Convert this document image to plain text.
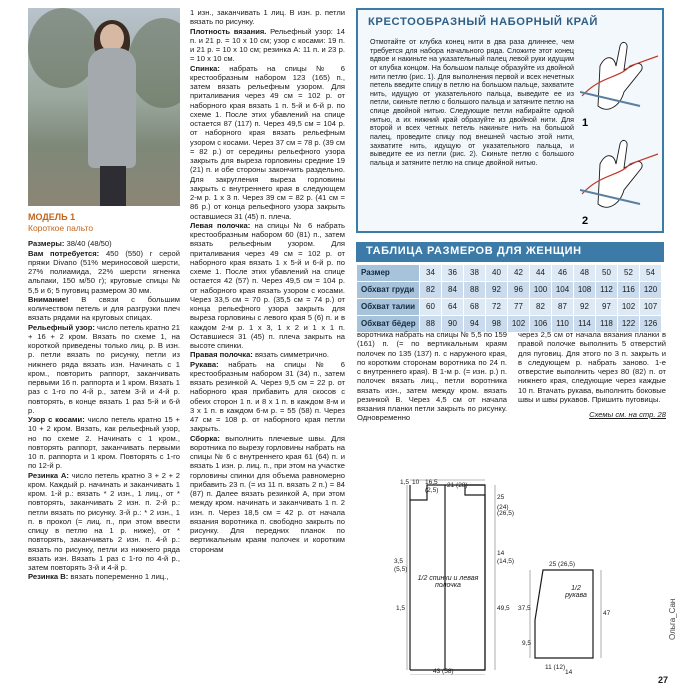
МОДЕЛЬ 1
Короткое пальто

Размеры: 38/40 (48/50)

Вам потребуется: 450 (550) г серой пряжи Divano (51% мериносовой шерсти, 27% полиамида, 22% шерсти ягненка альпаки, 150 м/50 г); круговые спицы № 5,5 и 6; 5 пуговиц размером 30 мм.

Внимание! В связи с большим количеством петель и для разгрузки плеч вязать рядами на круговых спицах.

Рельефный узор: число петель кратно 21 + 16 + 2 кром. Вязать по схеме 1, на короткой приведены только лиц. р. В изн. р. петли вязать по рисунку, петли из нижнего ряда вязать изн. Начинать с 1 кром., повторить раппорт, заканчивать первыми 16 п. раппорта и 1 кром. Вязать 1 раз с 1-го по 4-й р., затем 3-й и 4-й р. повторять, в конце вязать 1 раз 5-й и 6-й р.

Узор с косами: число петель кратно 15 + 10 + 2 кром. Вязать, как рельефный узор, но по схеме 2. Начинать с 1 кром., повторять раппорт, заканчивать первыми 10 п. раппорта и 1 кром. Повторять с 1-го по 12-й р.

Резинка А: число петель кратно 3 + 2 + 2 кром. Каждый р. начинать и заканчивать 1 кром. 1-й р.: вязать * 2 изн., 1 лиц., от * повторять, заканчивать 2 изн. п. 2-й р.: петли вязать по рисунку. 3-й р.: * 2 изн., 1 п. в прокол (= лиц. п., при этом ввести спицу в петлю на 1 р. ниже), от * повторять, заканчивать 2 изн. п. 4-й р.: вязать по рисунку, петли из нижнего ряда вязать изн. Вязать 1 раз с 1-го по 4-й р., затем повторять 3-й и 4-й р.

Резинка В: вязать попеременно 1 лиц.,

1 изн., заканчивать 1 лиц. В изн. р. петли вязать по рисунку.

Плотность вязания. Рельефный узор: 14 п. и 21 р. = 10 x 10 см; узор с косами: 19 п. и 21 р. = 10 x 10 см; резинка А: 11 п. и 23 р. = 10 x 10 см.

Спинка: набрать на спицы № 6 крестообразным набором 123 (165) п., затем вязать рельефным узором. Для приталивания через 49 см = 102 р. от наборного края вязать 1 п. 5-й и 6-й р. по схеме 1. После этих убавлений на спице остается 87 (117) п. Через 49,5 см = 104 р. от наборного края вязать рельефным узором с косами. Через 37 см = 78 р. (39 см = 82 р.) от середины рельефного узора закрыть для выреза горловины средние 19 (21) п. и обе стороны закончить раздельно. Для закругления выреза горловины закрыть с внутреннего края в следующем 2-м р. 1 x 3 п. Через 39 см = 82 р. (41 см = 86 р.) от конца рельефного узора закрыть оставшиеся 31 (45) п. плеча.

Левая полочка: на спицы № 6 набрать крестообразным набором 60 (81) п., затем вязать рельефным узором. Для приталивания через 49 см = 102 р. от наборного края вязать 1 x 5-й и 6-й р. по схеме 1. После этих убавлений на спице остается 42 (57) п. Через 49,5 см = 104 р. от наборного края вязать узором с косами. Через 33,5 см = 70 р. (35,5 см = 74 р.) от конца рельефного узора закрыть для выреза горловины с левого края 5 (6) п. и в каждом 2-м р. 1 x 3, 1 x 2 и 1 x 1 п. Оставшиеся 31 (45) п. плеча закрыть на высоте спинки.

Правая полочка: вязать симметрично.

Рукава: набрать на спицы № 6 крестообразным набором 31 (34) п., затем вязать резинкой А. Через 9,5 см = 22 р. от наборного края прибавить для скосов с обеих сторон 1 п. и 8 x 1 п. в каждом 8-м и 3 x 1 п. в каждом 6-м р. = 55 (58) п. Через 47 см = 108 р. от наборного края петли закрыть.

Сборка: выполнить плечевые швы. Для воротника по вырезу горловины набрать на спицы № 6 с внутреннего края 61 (64) п. и вязать 1 изн. р. лиц. п., при этом на участке горловины спинки для объема равномерно прибавить 23 п. (= из 11 п. вязать 2 п.) = 84 (87) п. Далее вязать резинкой А, при этом между кром. начинать и заканчивать 1 п. 2 изн. п. Через 18,5 см = 42 р. от начала вязания воротника п. свободно закрыть по рисунку. Для передних планок по вертикальным краям полочек и коротким сторонам

КРЕСТООБРАЗНЫЙ НАБОРНЫЙ КРАЙ

Отмотайте от клубка конец нити в два раза длиннее, чем требуется для набора начального ряда. Сложите этот конец вдвое и накиньте на указательный палец левой руки идущим от клубка концом. На большом пальце образуйте из двойной нити петлю (рис. 1). Для выполнения первой и всех нечетных петель введите спицу в петлю на большом пальце, захватите нить, идущую от указательного пальца, выведите ее из петли, скиньте петлю с большого пальца и затяните петлю на спице двойной нитью. Следующие петли набирайте одной нитью, а их нижний край образуйте из двойной нити. Для второй и всех четных петель накиньте нить на большой палец, проведите спицу под внешней частью этой нити, захватите нить, идущую от указательного пальца, и выведите ее из петли (рис. 2). Скиньте петлю с большого пальца и затяните петлю на спице двойной нитью.

1
2
ТАБЛИЦА РАЗМЕРОВ ДЛЯ ЖЕНЩИН
Размер	34	36	38	40	42	44	46	48	50	52	54
Обхват груди	82	84	88	92	96	100	104	108	112	116	120
Обхват талии	60	64	68	72	77	82	87	92	97	102	107
Обхват бёдер	88	90	94	98	102	106	110	114	118	122	126

воротника набрать на спицы № 5,5 по 159 (161) п. (= по вертикальным краям полочек по 135 (137) п. с наружного края, по коротким сторонам воротника по 24 п. с внутреннего края). В 1-м р. (= изн. р.) п. полочек вязать лиц., петли воротника вязать изн., затем между кром. вязать резинкой В. Через 4,5 см от начала вязания планки петли закрыть по рисунку. Одновременно

через 2,5 см от начала вязания планки в правой полочке выполнить 5 отверстий для пуговиц. Для этого по 3 п. закрыть и в следующем р. набрать заново. 1-е отверстие выполнить через 80 (82) п. от нижнего края, следующие через каждые 10 п. Втачать рукава, выполнить боковые швы и швы рукавов. Пришить пуговицы.

Схемы см. на стр. 28
1,5 10 16,5 21 (28)
(2,5)
(24)
25
(26,5)
14
(14,5)
49,5
3,5
(5,5)
1,5
43 (58)
25 (26,5)
37,5
9,5
47
11 (12)
14
1/2 спинки и левая полочка	1/2 рукава
27
Ольга_Сан
